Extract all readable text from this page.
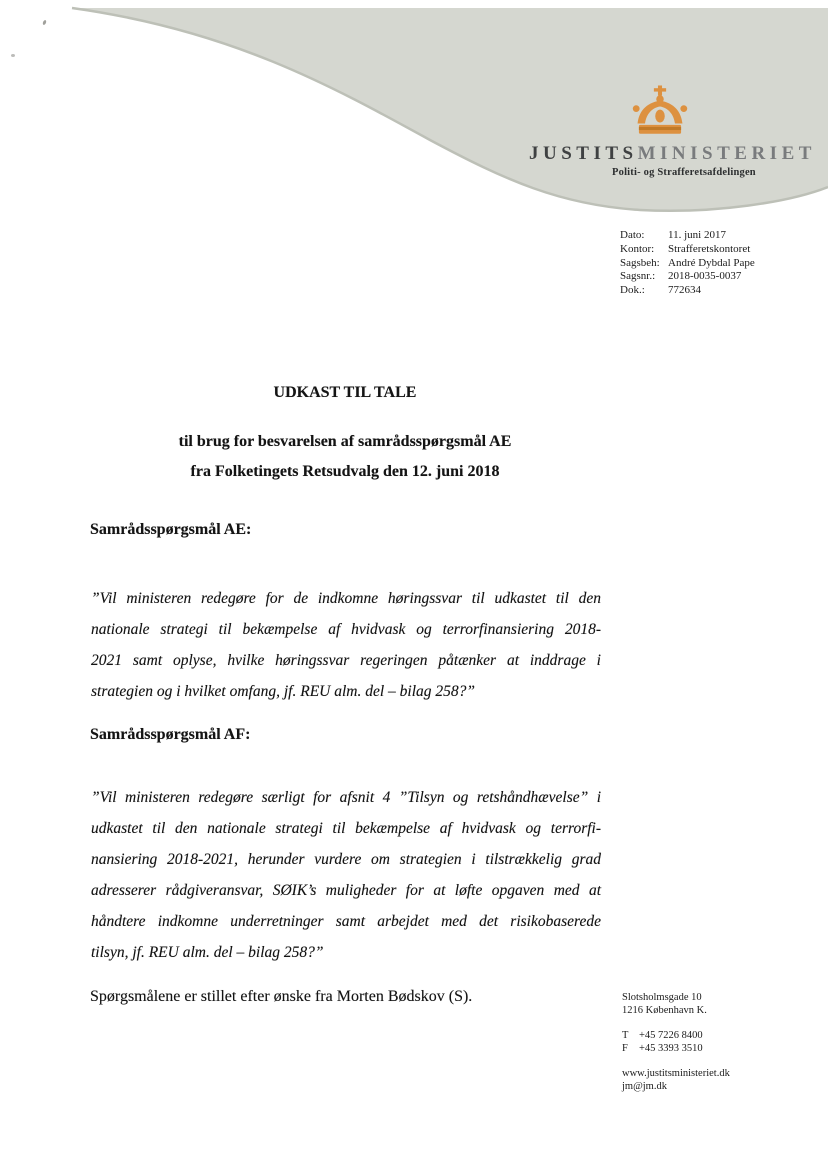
JUSTITSMINISTERIET
Politi- og Strafferetsafdelingen
Dato:	11. juni 2017
Kontor:	Strafferetskontoret
Sagsbeh: André Dybdal Pape
Sagsnr.:	2018-0035-0037
Dok.:	772634
UDKAST TIL TALE
til brug for besvarelsen af samrådsspørgsmål AE
fra Folketingets Retsudvalg den 12. juni 2018
Samrådsspørgsmål AE:
”Vil ministeren redegøre for de indkomne høringssvar til udkastet til den
nationale strategi til bekæmpelse af hvidvask og terrorfinansiering 2018-
2021 samt oplyse, hvilke høringssvar regeringen påtænker at inddrage i
strategien og i hvilket omfang, jf. REU alm. del – bilag 258?”
Samrådsspørgsmål AF:
”Vil ministeren redegøre særligt for afsnit 4 ”Tilsyn og retshåndhævelse” i
udkastet til den nationale strategi til bekæmpelse af hvidvask og terrorfi-
nansiering 2018-2021, herunder vurdere om strategien i tilstrækkelig grad
adresserer rådgiveransvar, SØIK’s muligheder for at løfte opgaven med at
håndtere indkomne underretninger samt arbejdet med det risikobaserede
tilsyn, jf. REU alm. del – bilag 258?”
Spørgsmålene er stillet efter ønske fra Morten Bødskov (S).	Slotsholmsgade 10
1216 København K.
T	+45 7226 8400
F	+45 3393 3510
www.justitsministeriet.dk
jm@jm.dk
